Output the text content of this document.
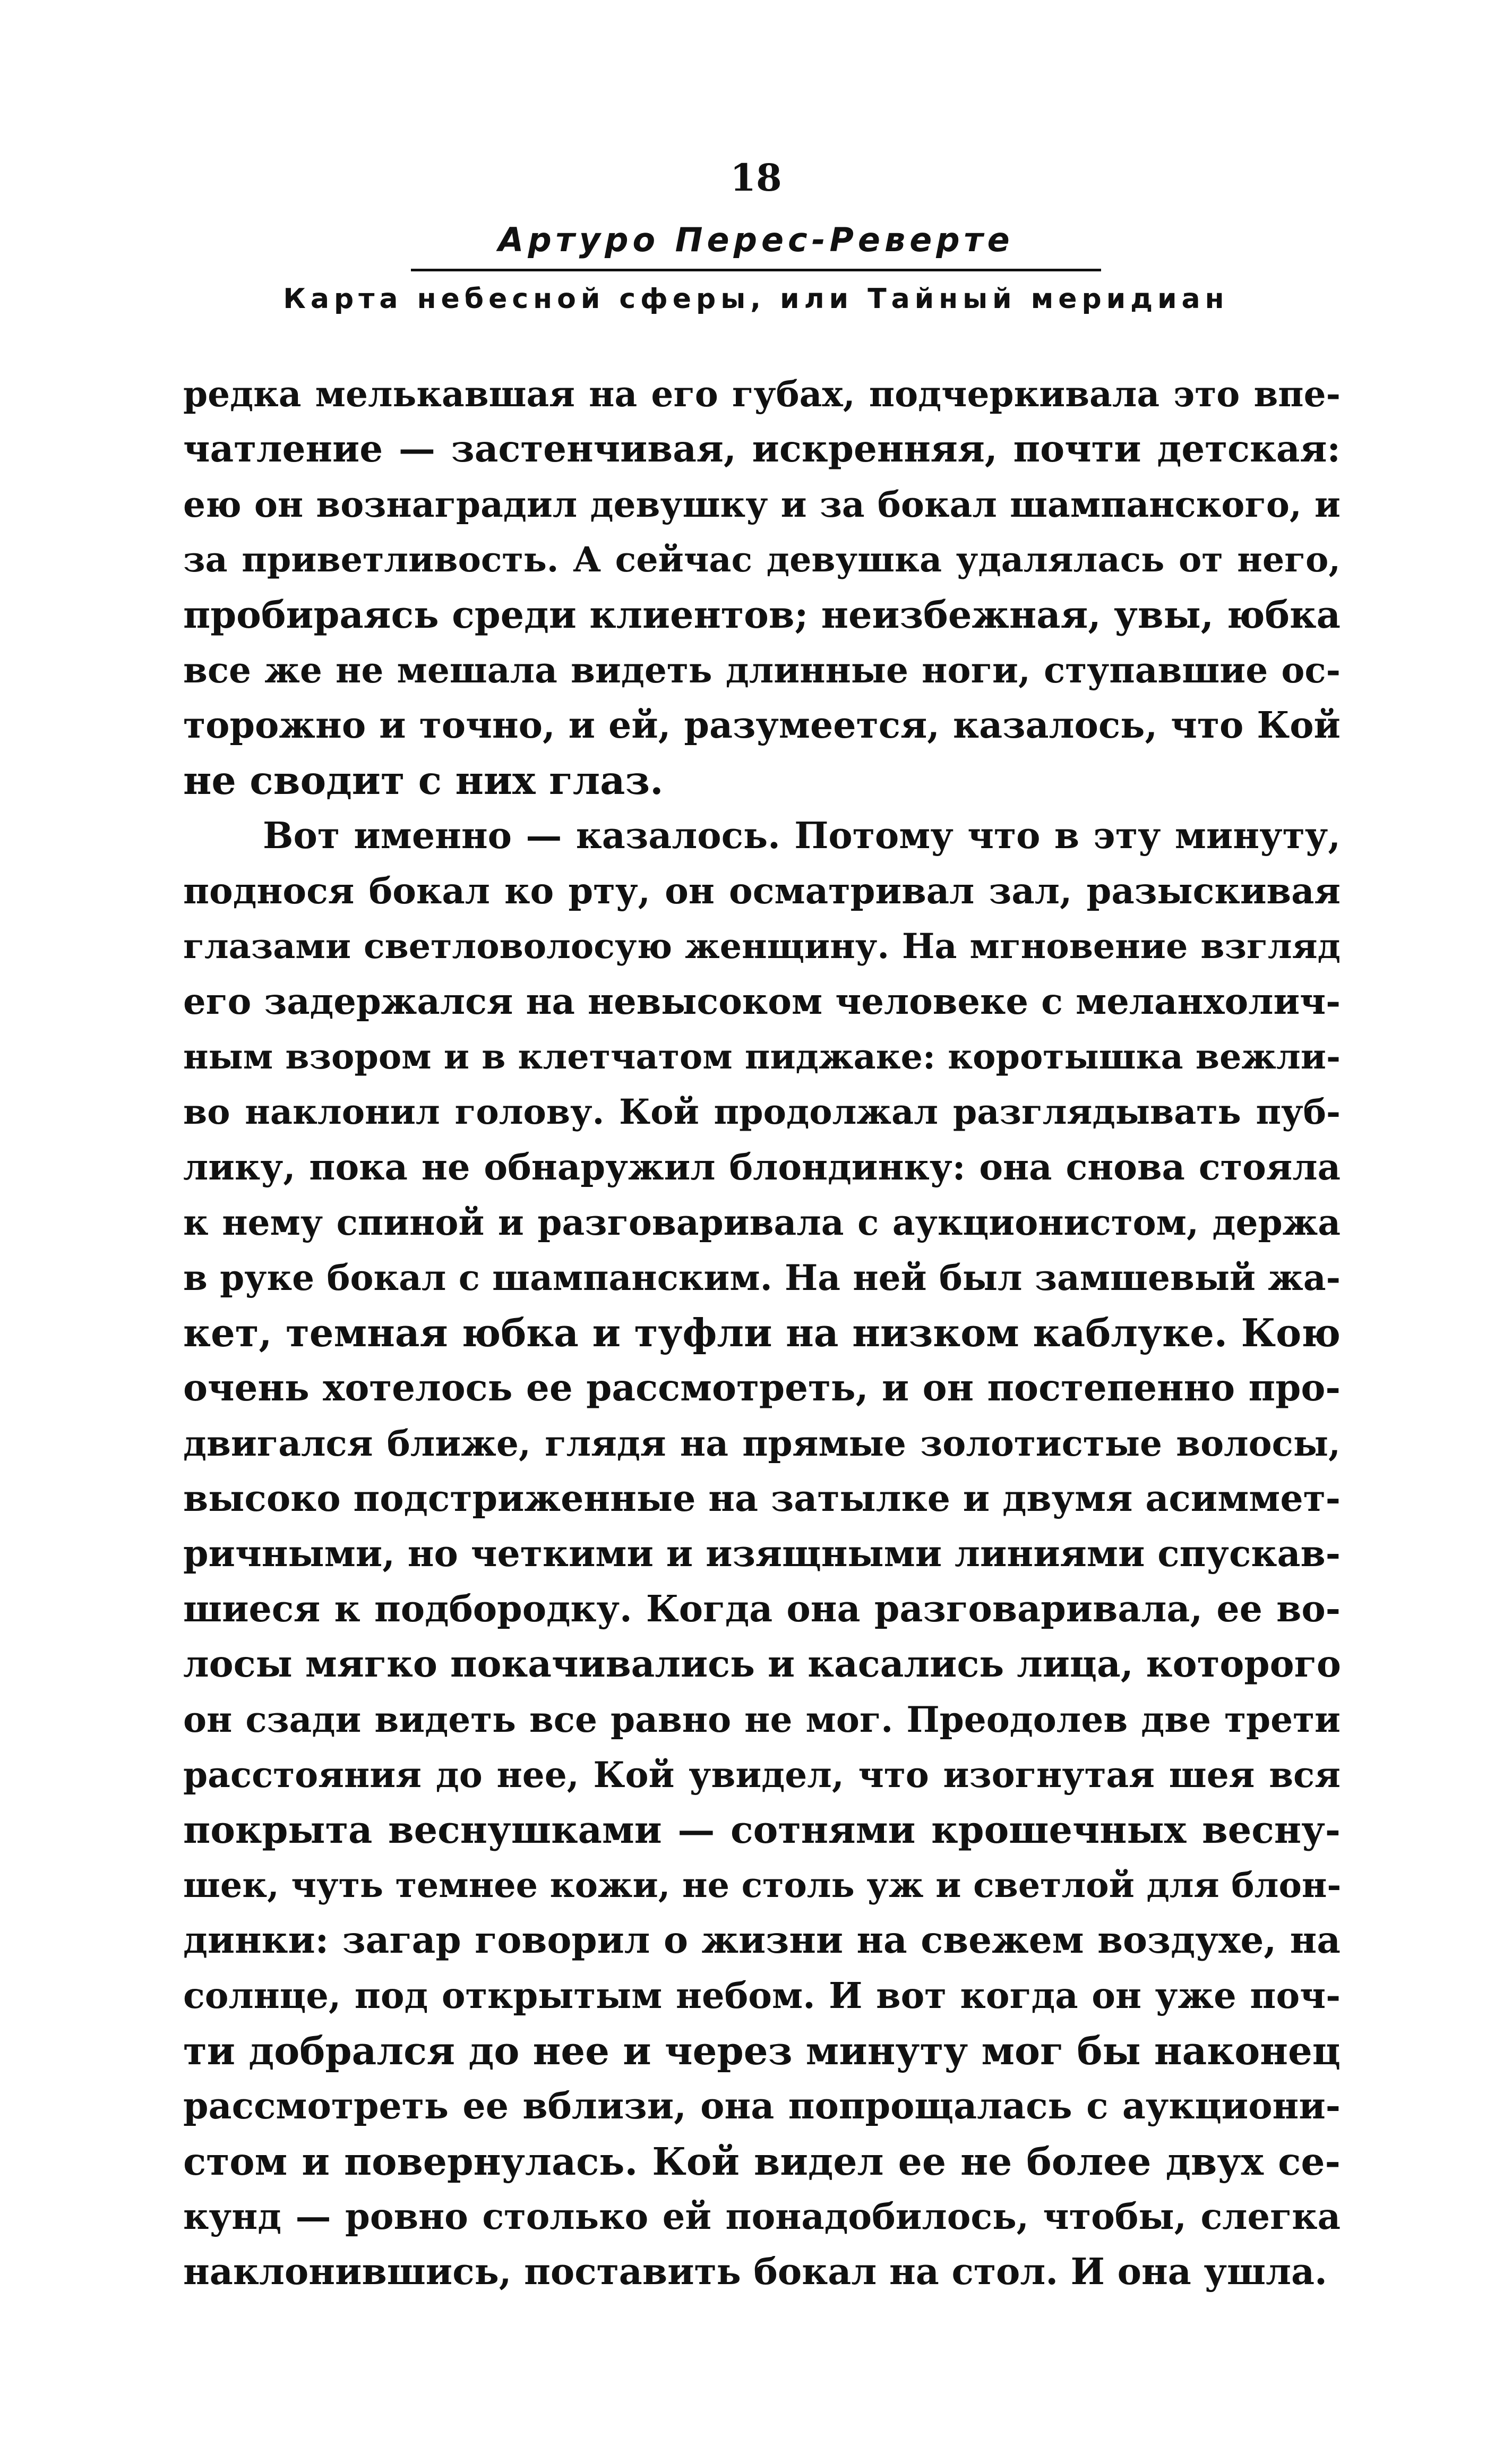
18
Артуро Перес-Реверте
Карта небесной сферы, или Тайный меридиан
редка мелькавшая на его губах, подчеркивала это впе-
чатление — застенчивая, искренняя, почти детская:
ею он вознаградил девушку и за бокал шампанского, и
за приветливость. А сейчас девушка удалялась от него,
пробираясь среди клиентов; неизбежная, увы, юбка
все же не мешала видеть длинные ноги, ступавшие ос-
торожно и точно, и ей, разумеется, казалось, что Кой
не сводит с них глаз.
Вот именно — казалось. Потому что в эту минуту,
поднося бокал ко рту, он осматривал зал, разыскивая
глазами светловолосую женщину. На мгновение взгляд
его задержался на невысоком человеке с меланхолич-
ным взором и в клетчатом пиджаке: коротышка вежли-
во наклонил голову. Кой продолжал разглядывать пуб-
лику, пока не обнаружил блондинку: она снова стояла
к нему спиной и разговаривала с аукционистом, держа
в руке бокал с шампанским. На ней был замшевый жа-
кет, темная юбка и туфли на низком каблуке. Кою
очень хотелось ее рассмотреть, и он постепенно про-
двигался ближе, глядя на прямые золотистые волосы,
высоко подстриженные на затылке и двумя асиммет-
ричными, но четкими и изящными линиями спускав-
шиеся к подбородку. Когда она разговаривала, ее во-
лосы мягко покачивались и касались лица, которого
он сзади видеть все равно не мог. Преодолев две трети
расстояния до нее, Кой увидел, что изогнутая шея вся
покрыта веснушками — сотнями крошечных весну-
шек, чуть темнее кожи, не столь уж и светлой для блон-
динки: загар говорил о жизни на свежем воздухе, на
солнце, под открытым небом. И вот когда он уже поч-
ти добрался до нее и через минуту мог бы наконец
рассмотреть ее вблизи, она попрощалась с аукциони-
стом и повернулась. Кой видел ее не более двух се-
кунд — ровно столько ей понадобилось, чтобы, слегка
наклонившись, поставить бокал на стол. И она ушла.
